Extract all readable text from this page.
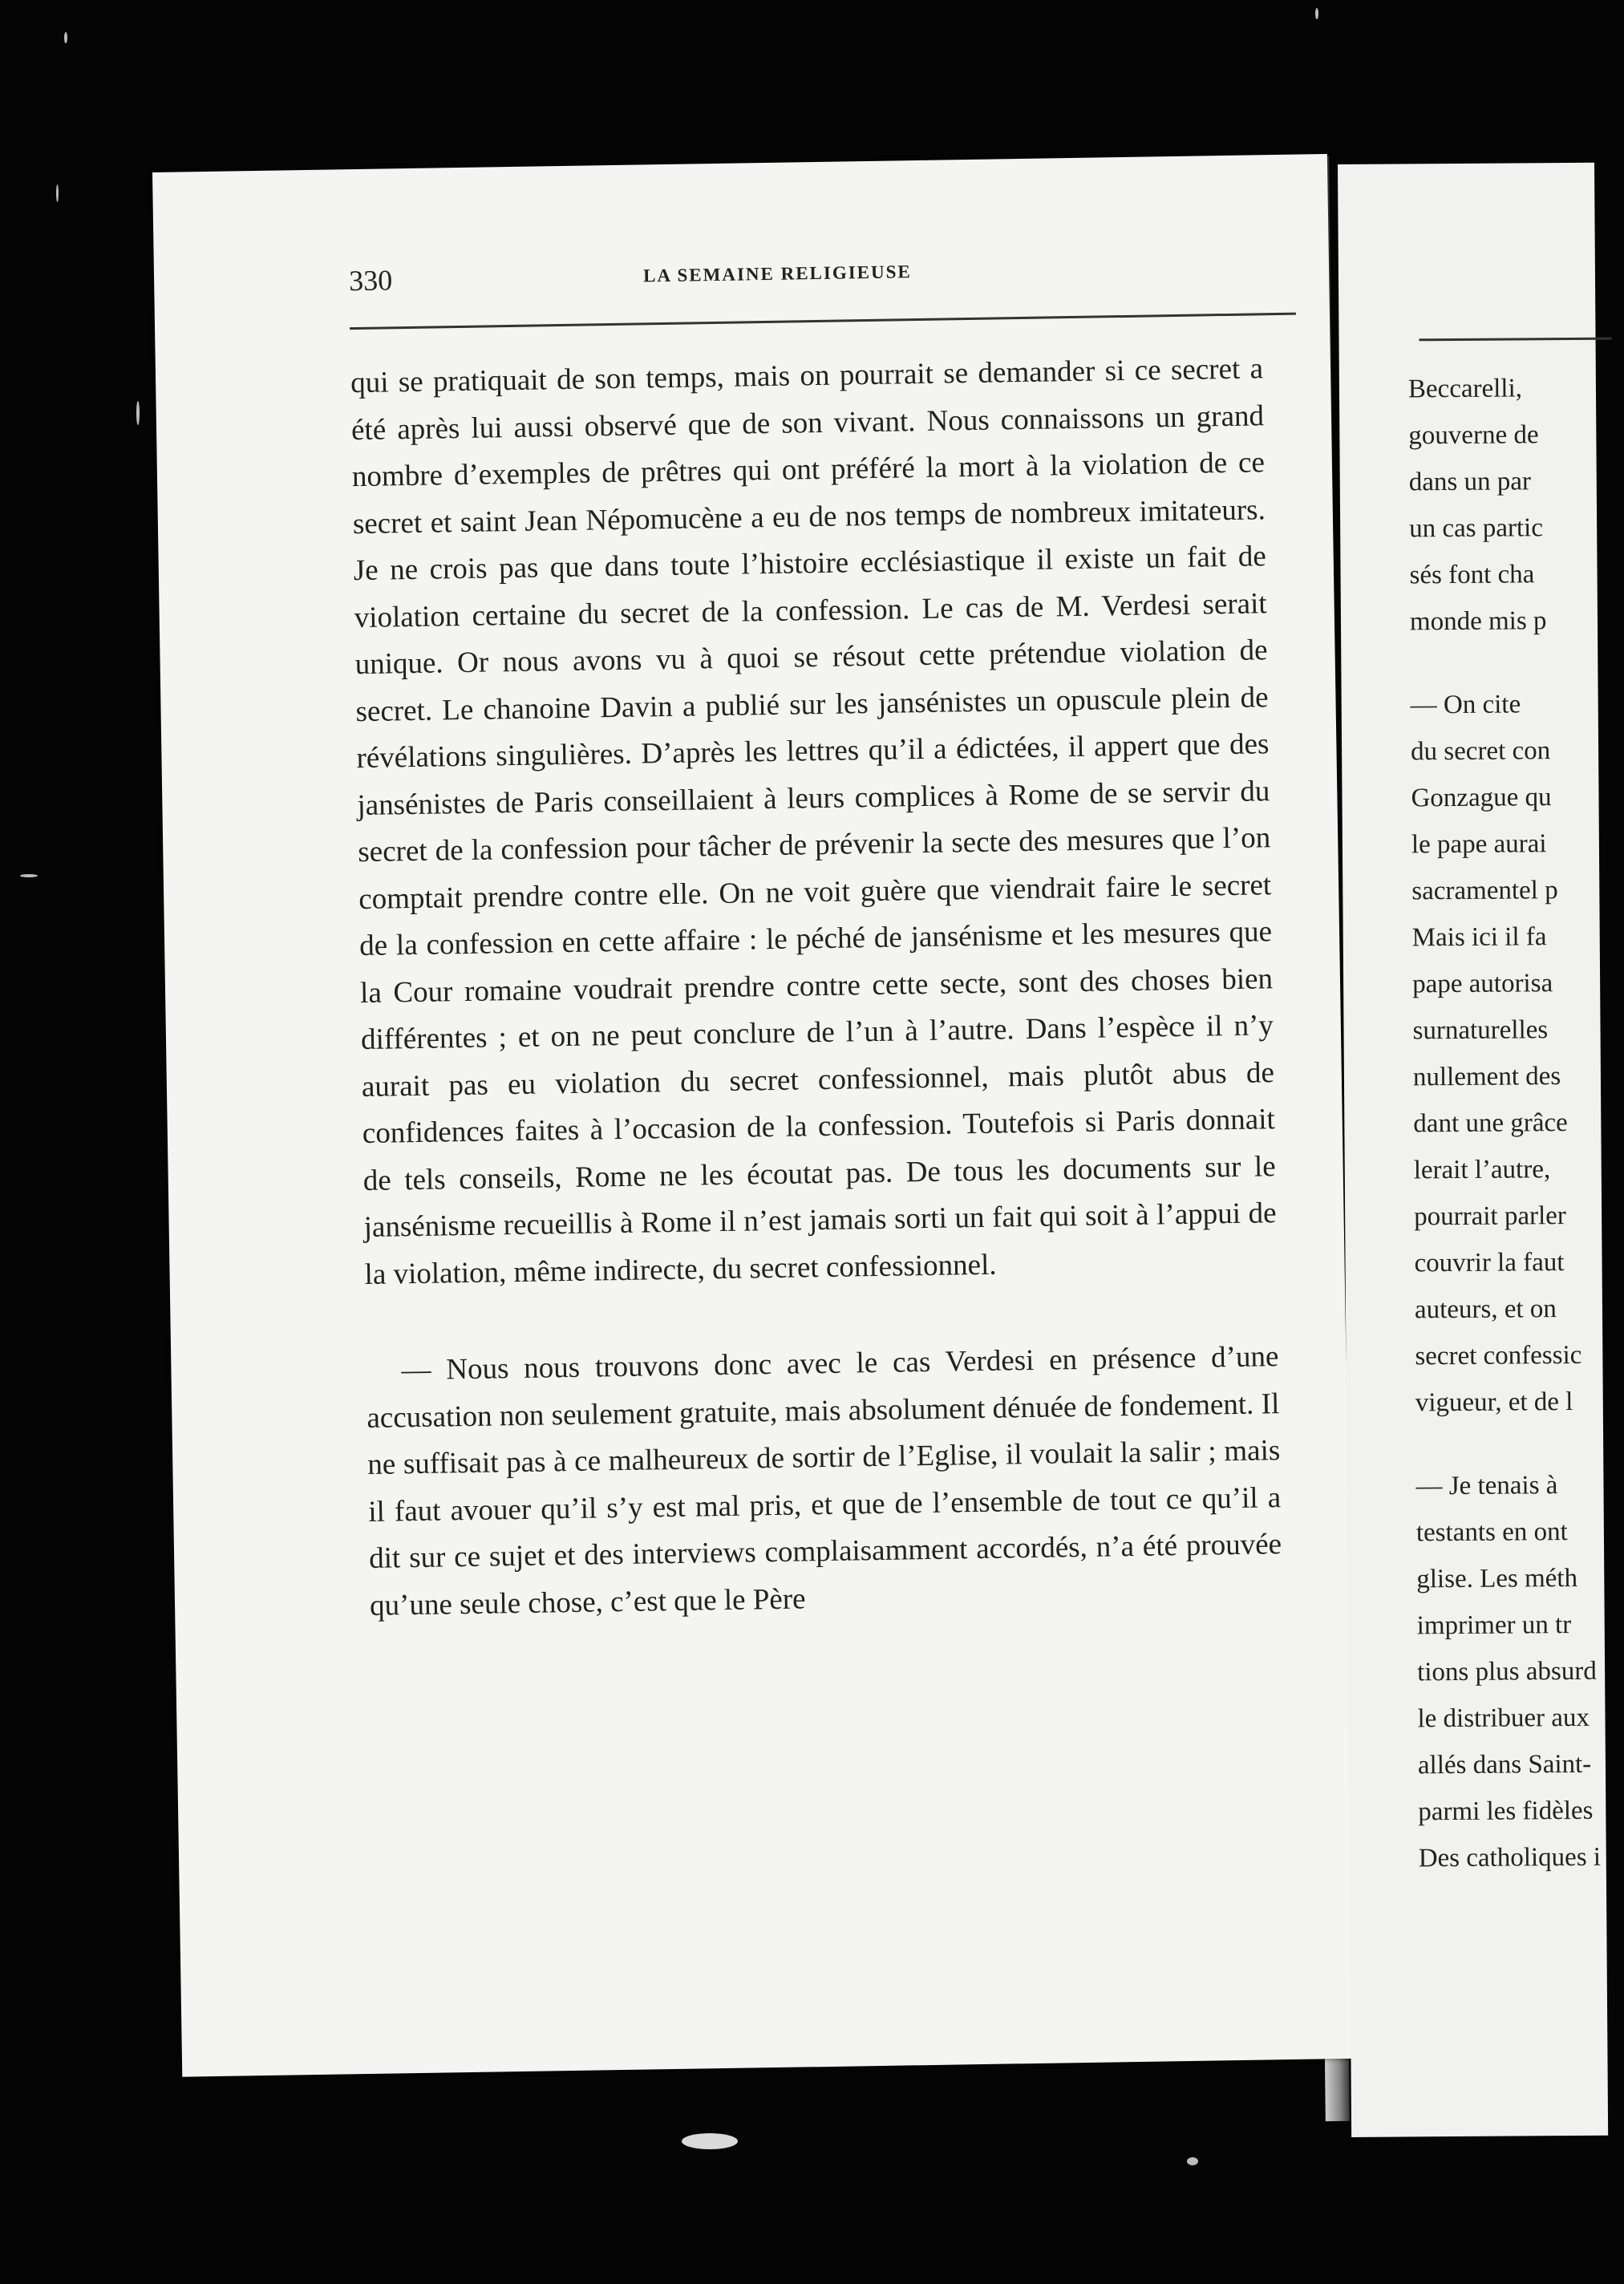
330	LA SEMAINE RELIGIEUSE

qui se pratiquait de son temps, mais on pourrait se demander si ce secret a été après lui aussi observé que de son vivant. Nous connaissons un grand nombre d’exemples de prêtres qui ont préféré la mort à la violation de ce secret et saint Jean Népomucène a eu de nos temps de nombreux imitateurs. Je ne crois pas que dans toute l’histoire ecclésiastique il existe un fait de violation certaine du secret de la confession. Le cas de M. Verdesi serait unique. Or nous avons vu à quoi se résout cette prétendue violation de secret. Le chanoine Davin a publié sur les jansénistes un opuscule plein de révélations singulières. D’après les lettres qu’il a édictées, il appert que des jansénistes de Paris conseillaient à leurs complices à Rome de se servir du secret de la confession pour tâcher de prévenir la secte des mesures que l’on comptait prendre contre elle. On ne voit guère que viendrait faire le secret de la confession en cette affaire : le péché de jansénisme et les mesures que la Cour romaine voudrait prendre contre cette secte, sont des choses bien différentes ; et on ne peut conclure de l’un à l’autre. Dans l’espèce il n’y aurait pas eu violation du secret confessionnel, mais plutôt abus de confidences faites à l’occasion de la confession. Toutefois si Paris donnait de tels conseils, Rome ne les écoutat pas. De tous les documents sur le jansénisme recueillis à Rome il n’est jamais sorti un fait qui soit à l’appui de la violation, même indirecte, du secret confessionnel.

— Nous nous trouvons donc avec le cas Verdesi en présence d’une accusation non seulement gratuite, mais absolument dénuée de fondement. Il ne suffisait pas à ce malheureux de sortir de l’Eglise, il voulait la salir ; mais il faut avouer qu’il s’y est mal pris, et que de l’ensemble de tout ce qu’il a dit sur ce sujet et des interviews complaisamment accordés, n’a été prouvée qu’une seule chose, c’est que le Père

Beccarelli,
gouverne de
dans un par
un cas partic
sés font cha
monde mis p
— On cite
du secret con
Gonzague qu
le pape aurai
sacramentel p
Mais ici il fa
pape autorisa
surnaturelles
nullement des
dant une grâce
lerait l’autre,
pourrait parler
couvrir la faut
auteurs, et on
secret confessic
vigueur, et de l
— Je tenais à
testants en ont
glise. Les méth
imprimer un tr
tions plus absurd
le distribuer aux
allés dans Saint-
parmi les fidèles
Des catholiques i
